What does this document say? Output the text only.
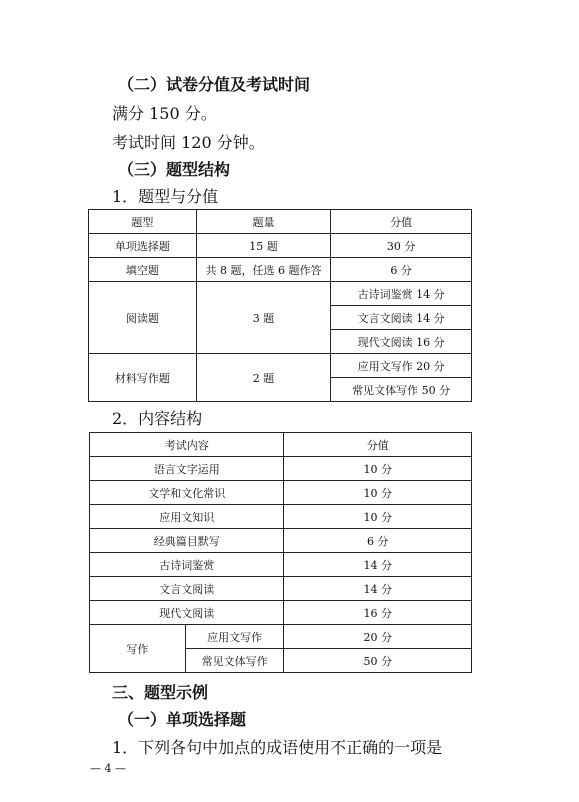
（二）试卷分值及考试时间
满分 150 分。
考试时间 120 分钟。
（三）题型结构
1．题型与分值
题型	题量	分值
单项选择题	15 题	30 分
填空题	共 8 题，任选 6 题作答	6 分
阅读题	3 题	古诗词鉴赏 14 分
		文言文阅读 14 分
		现代文阅读 16 分
材料写作题	2 题	应用文写作 20 分
		常见文体写作 50 分
2．内容结构
考试内容		分值
语言文字运用		10 分
文学和文化常识		10 分
应用文知识		10 分
经典篇目默写		6 分
古诗词鉴赏		14 分
文言文阅读		14 分
现代文阅读		16 分
写作	应用文写作	20 分
	常见文体写作	50 分
三、题型示例
（一）单项选择题
1．下列各句中加点的成语使用不正确的一项是
— 4 —
